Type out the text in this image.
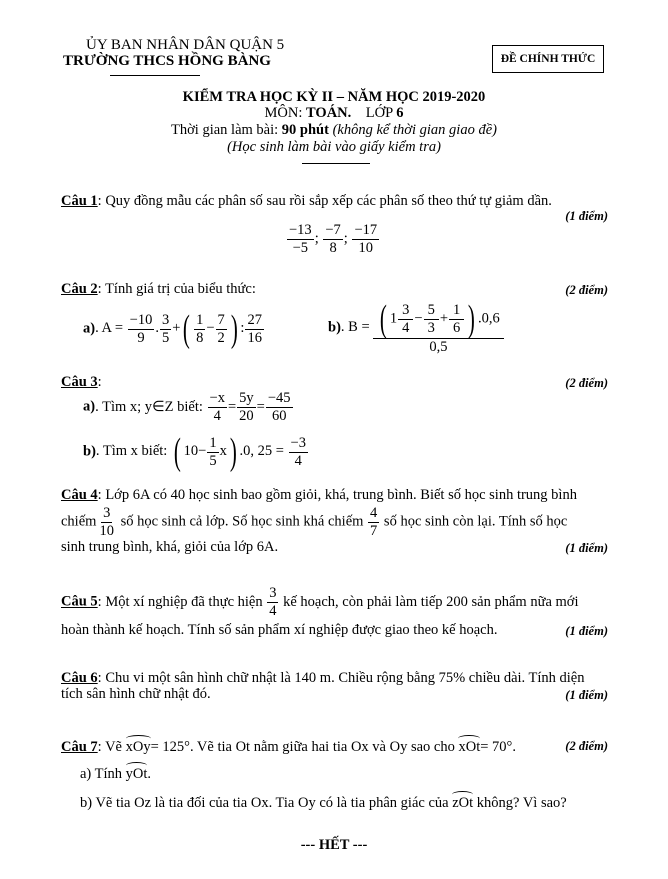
ỦY BAN NHÂN DÂN QUẬN 5
TRƯỜNG THCS HỒNG BÀNG	ĐỀ CHÍNH THỨC
KIỂM TRA HỌC KỲ II – NĂM HỌC 2019-2020
MÔN: TOÁN. LỚP 6
Thời gian làm bài: 90 phút (không kể thời gian giao đề)
(Học sinh làm bài vào giấy kiểm tra)
Câu 1: Quy đồng mẫu các phân số sau rồi sắp xếp các phân số theo thứ tự giảm dần.
(1 điểm)
$\frac{-13}{-5}$ ; $\frac{-7}{8}$ ; $\frac{-17}{10}$
Câu 2: Tính giá trị của biểu thức:	(2 điểm)
a). $A = \frac{-10}{9}$ . $\frac{3}{5}$ +( $\frac{1}{8} - \frac{7}{2}$ ) : $\frac{27}{16}$	b). $B = \frac{( 1 \frac{3}{4} - \frac{5}{3} + \frac{1}{6} ) .0,6}{0,5}$
Câu 3:	(2 điểm)
a). Tìm x; y∈Z biết: $\frac{-x}{4} = \frac{5y}{20} = \frac{-45}{60}$
b). Tìm x biết: ( $10- \frac{1}{5} x$) .0, $25 = \frac{-3}{4}$
Câu 4: Lớp 6A có 40 học sinh bao gồm giỏi, khá, trung bình. Biết số học sinh trung bình
chiếm $\frac{3}{10}$ số học sinh cả lớp. Số học sinh khá chiếm $\frac{4}{7}$ số học sinh còn lại. Tính số học
sinh trung bình, khá, giỏi của lớp 6A.	(1 điểm)
Câu 5: Một xí nghiệp đã thực hiện $\frac{3}{4}$ kế hoạch, còn phải làm tiếp 200 sản phẩm nữa mới
hoàn thành kế hoạch. Tính số sản phẩm xí nghiệp được giao theo kế hoạch.	(1 điểm)
Câu 6: Chu vi một sân hình chữ nhật là 140 m. Chiều rộng bằng 75% chiều dài. Tính diện
tích sân hình chữ nhật đó.	(1 điểm)
Câu 7: Vẽ xOy= 125°. Vẽ tia Ot nằm giữa hai tia Ox và Oy sao cho xOt= 70°.	(2 điểm)
a) Tính yOt.
b) Vẽ tia Oz là tia đối của tia Ox. Tia Oy có là tia phân giác của zOt không? Vì sao?
--- HẾT ---
